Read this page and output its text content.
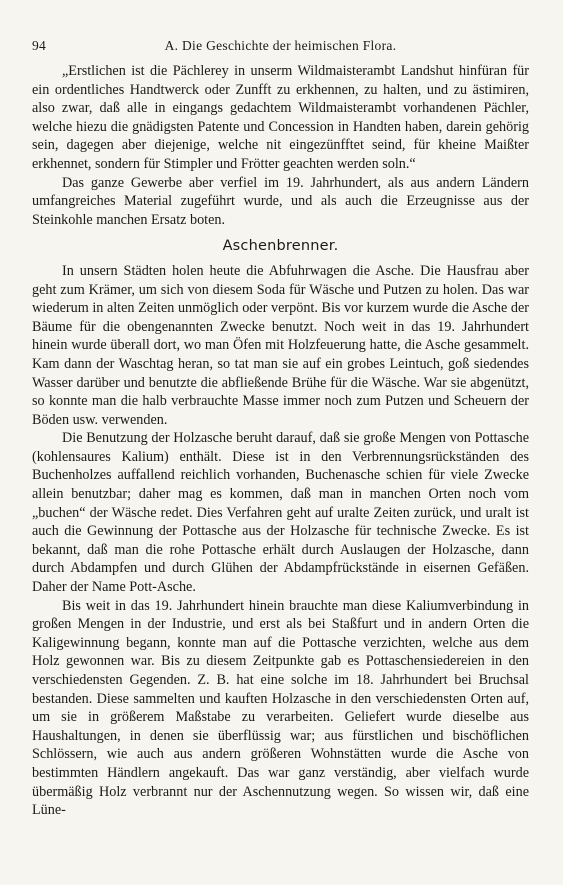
94	A. Die Geschichte der heimischen Flora.

„Erstlichen ist die Pächlerey in unserm Wildmaisterambt Landshut hinfüran für ein ordentliches Handtwerck oder Zunfft zu erkhennen, zu halten, und zu ästimiren, also zwar, daß alle in eingangs gedachtem Wildmaisterambt vorhandenen Pächler, welche hiezu die gnädigsten Patente und Concession in Handten haben, darein gehörig sein, dagegen aber diejenige, welche nit eingezünfftet seind, für kheine Maißter erkhennet, sondern für Stimpler und Frötter geachten werden soln.“

Das ganze Gewerbe aber verfiel im 19. Jahrhundert, als aus andern Ländern umfangreiches Material zugeführt wurde, und als auch die Erzeugnisse aus der Steinkohle manchen Ersatz boten.

Aschenbrenner.

In unsern Städten holen heute die Abfuhrwagen die Asche. Die Hausfrau aber geht zum Krämer, um sich von diesem Soda für Wäsche und Putzen zu holen. Das war wiederum in alten Zeiten unmöglich oder verpönt. Bis vor kurzem wurde die Asche der Bäume für die obengenannten Zwecke benutzt. Noch weit in das 19. Jahrhundert hinein wurde überall dort, wo man Öfen mit Holzfeuerung hatte, die Asche gesammelt. Kam dann der Waschtag heran, so tat man sie auf ein grobes Leintuch, goß siedendes Wasser darüber und benutzte die abfließende Brühe für die Wäsche. War sie abgenützt, so konnte man die halb verbrauchte Masse immer noch zum Putzen und Scheuern der Böden usw. verwenden.

Die Benutzung der Holzasche beruht darauf, daß sie große Mengen von Pottasche (kohlensaures Kalium) enthält. Diese ist in den Verbrennungsrückständen des Buchenholzes auffallend reichlich vorhanden, Buchenasche schien für viele Zwecke allein benutzbar; daher mag es kommen, daß man in manchen Orten noch vom „buchen“ der Wäsche redet. Dies Verfahren geht auf uralte Zeiten zurück, und uralt ist auch die Gewinnung der Pottasche aus der Holzasche für technische Zwecke. Es ist bekannt, daß man die rohe Pottasche erhält durch Auslaugen der Holzasche, dann durch Abdampfen und durch Glühen der Abdampfrückstände in eisernen Gefäßen. Daher der Name Pott-Asche.

Bis weit in das 19. Jahrhundert hinein brauchte man diese Kaliumverbindung in großen Mengen in der Industrie, und erst als bei Staßfurt und in andern Orten die Kaligewinnung begann, konnte man auf die Pottasche verzichten, welche aus dem Holz gewonnen war. Bis zu diesem Zeitpunkte gab es Pottaschensiedereien in den verschiedensten Gegenden. Z. B. hat eine solche im 18. Jahrhundert bei Bruchsal bestanden. Diese sammelten und kauften Holzasche in den verschiedensten Orten auf, um sie in größerem Maßstabe zu verarbeiten. Geliefert wurde dieselbe aus Haushaltungen, in denen sie überflüssig war; aus fürstlichen und bischöflichen Schlössern, wie auch aus andern größeren Wohnstätten wurde die Asche von bestimmten Händlern angekauft. Das war ganz verständig, aber vielfach wurde übermäßig Holz verbrannt nur der Aschennutzung wegen. So wissen wir, daß eine Lüne-
